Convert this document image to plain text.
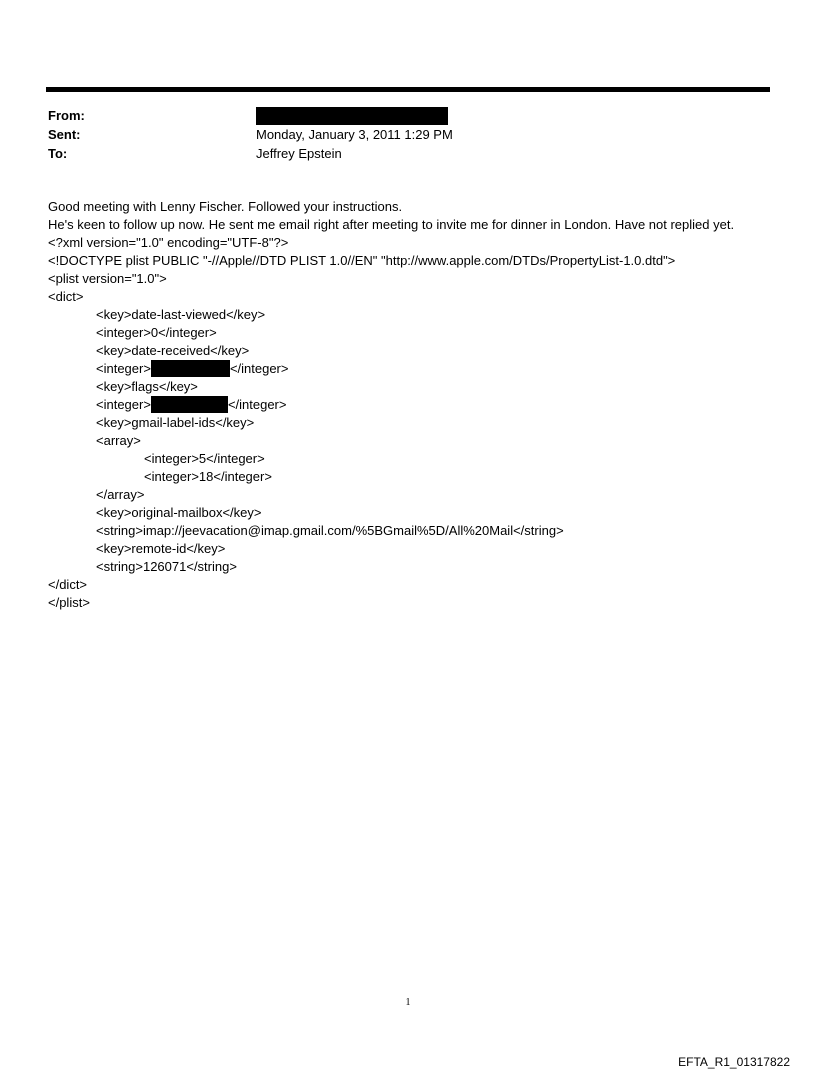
From:
Sent:	Monday, January 3, 2011 1:29 PM
To:	Jeffrey Epstein
Good meeting with Lenny Fischer. Followed your instructions.
He's keen to follow up now. He sent me email right after meeting to invite me for dinner in London. Have not replied yet.
<?xml version="1.0" encoding="UTF-8"?>
<!DOCTYPE plist PUBLIC "-//Apple//DTD PLIST 1.0//EN" "http://www.apple.com/DTDs/PropertyList-1.0.dtd">
<plist version="1.0">
<dict>
<key>date-last-viewed</key>
<integer>0</integer>
<key>date-received</key>
<integer>	</integer>
<key>flags</key>
<integer>	</integer>
<key>gmail-label-ids</key>
<array>
<integer>5</integer>
<integer>18</integer>
</array>
<key>original-mailbox</key>
<string>imap://jeevacation@imap.gmail.com/%5BGmail%5D/All%20Mail</string>
<key>remote-id</key>
<string>126071</string>
</dict>
</plist>
1
EFTA_R1_01317822
